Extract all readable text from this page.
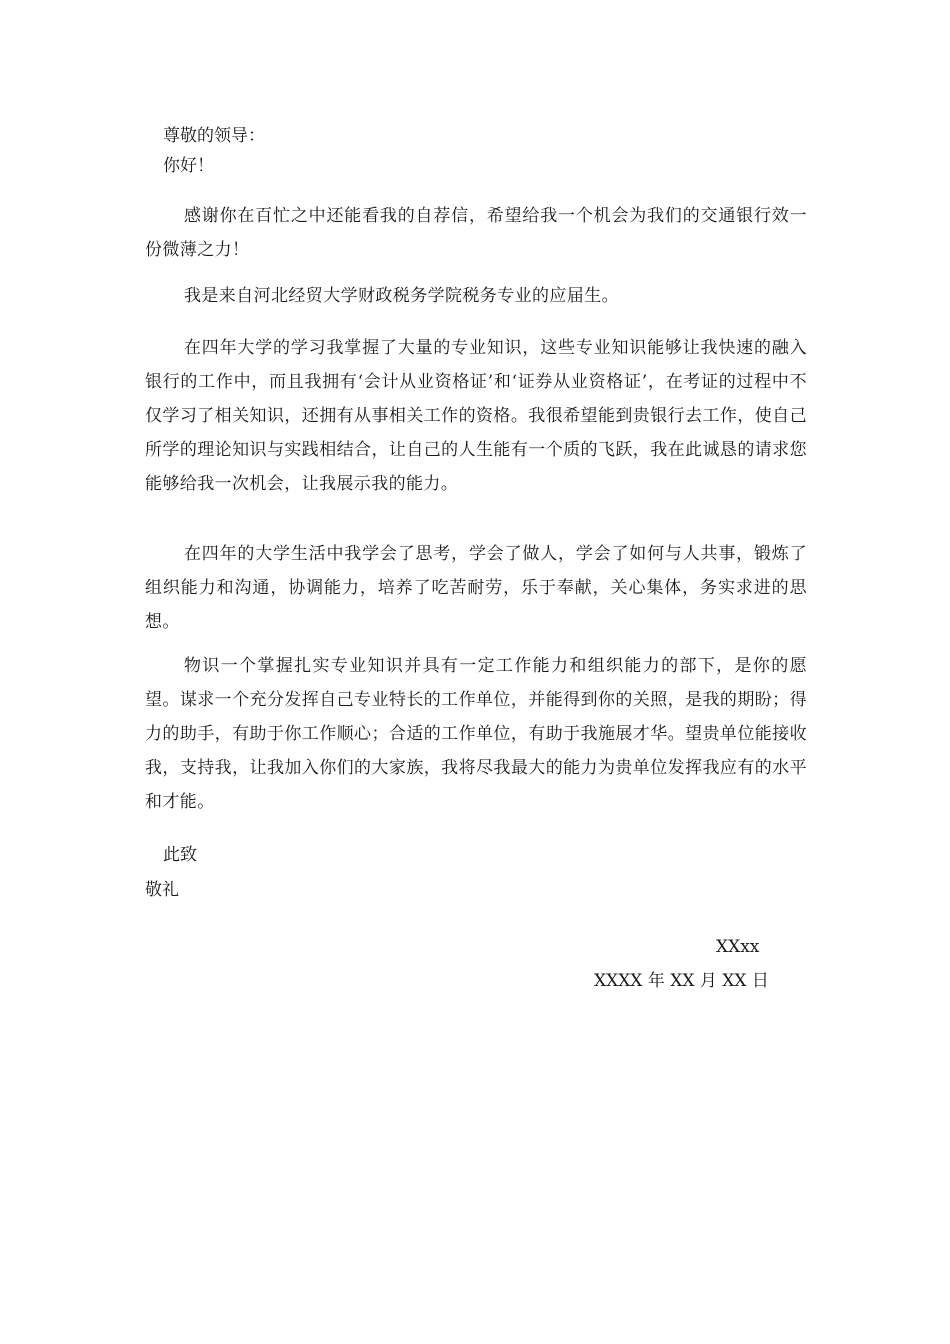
尊敬的领导：

你好！

感谢你在百忙之中还能看我的自荐信，希望给我一个机会为我们的交通银行效一份微薄之力！

我是来自河北经贸大学财政税务学院税务专业的应届生。

在四年大学的学习我掌握了大量的专业知识，这些专业知识能够让我快速的融入银行的工作中，而且我拥有‘会计从业资格证’和‘证券从业资格证’，在考证的过程中不仅学习了相关知识，还拥有从事相关工作的资格。我很希望能到贵银行去工作，使自己所学的理论知识与实践相结合，让自己的人生能有一个质的飞跃，我在此诚恳的请求您能够给我一次机会，让我展示我的能力。

在四年的大学生活中我学会了思考，学会了做人，学会了如何与人共事，锻炼了组织能力和沟通，协调能力，培养了吃苦耐劳，乐于奉献，关心集体，务实求进的思想。

物识一个掌握扎实专业知识并具有一定工作能力和组织能力的部下，是你的愿望。谋求一个充分发挥自己专业特长的工作单位，并能得到你的关照，是我的期盼；得力的助手，有助于你工作顺心；合适的工作单位，有助于我施展才华。望贵单位能接收我，支持我，让我加入你们的大家族，我将尽我最大的能力为贵单位发挥我应有的水平和才能。

此致

敬礼

XXxx

XXXX 年 XX 月 XX 日
